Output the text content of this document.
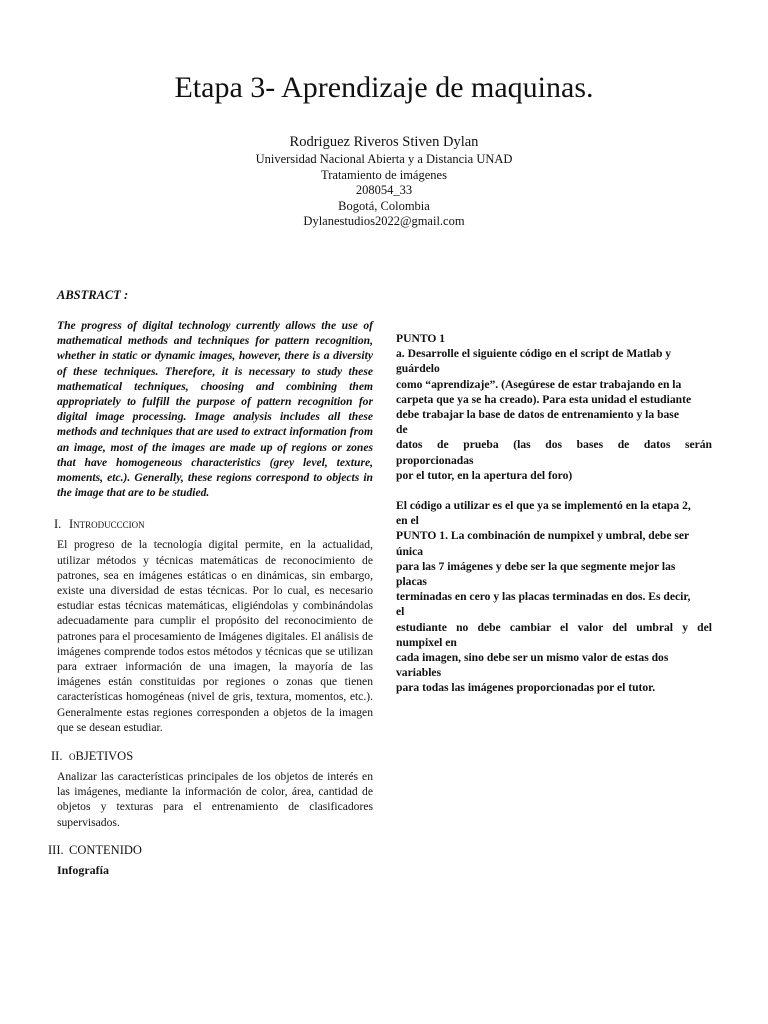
Etapa 3- Aprendizaje de maquinas.
Rodriguez Riveros Stiven Dylan
Universidad Nacional Abierta y a Distancia UNAD
Tratamiento de imágenes
208054_33
Bogotá, Colombia
Dylanestudios2022@gmail.com

ABSTRACT :

The progress of digital technology currently allows the use of mathematical methods and techniques for pattern recognition, whether in static or dynamic images, however, there is a diversity of these techniques. Therefore, it is necessary to study these mathematical techniques, choosing and combining them appropriately to fulfill the purpose of pattern recognition for digital image processing. Image analysis includes all these methods and techniques that are used to extract information from an image, most of the images are made up of regions or zones that have homogeneous characteristics (grey level, texture, moments, etc.). Generally, these regions correspond to objects in the image that are to be studied.

I. Introducccion

El progreso de la tecnología digital permite, en la actualidad, utilizar métodos y técnicas matemáticas de reconocimiento de patrones, sea en imágenes estáticas o en dinámicas, sin embargo, existe una diversidad de estas técnicas. Por lo cual, es necesario estudiar estas técnicas matemáticas, eligiéndolas y combinándolas adecuadamente para cumplir el propósito del reconocimiento de patrones para el procesamiento de Imágenes digitales. El análisis de imágenes comprende todos estos métodos y técnicas que se utilizan para extraer información de una imagen, la mayoría de las imágenes están constituidas por regiones o zonas que tienen características homogéneas (nivel de gris, textura, momentos, etc.). Generalmente estas regiones corresponden a objetos de la imagen que se desean estudiar.

II. oBJETIVOS

Analizar las características principales de los objetos de interés en las imágenes, mediante la información de color, área, cantidad de objetos y texturas para el entrenamiento de clasificadores supervisados.

III. CONTENIDO

Infografía

PUNTO 1

a. Desarrolle el siguiente código en el script de Matlab y

guárdelo

como “aprendizaje”. (Asegúrese de estar trabajando en la

carpeta que ya se ha creado). Para esta unidad el estudiante

debe trabajar la base de datos de entrenamiento y la base

de

datos de prueba (las dos bases de datos serán

proporcionadas

por el tutor, en la apertura del foro)

El código a utilizar es el que ya se implementó en la etapa 2,

en el

PUNTO 1. La combinación de numpixel y umbral, debe ser

única

para las 7 imágenes y debe ser la que segmente mejor las

placas

terminadas en cero y las placas terminadas en dos. Es decir,

el

estudiante no debe cambiar el valor del umbral y del

numpixel en

cada imagen, sino debe ser un mismo valor de estas dos

variables

para todas las imágenes proporcionadas por el tutor.
